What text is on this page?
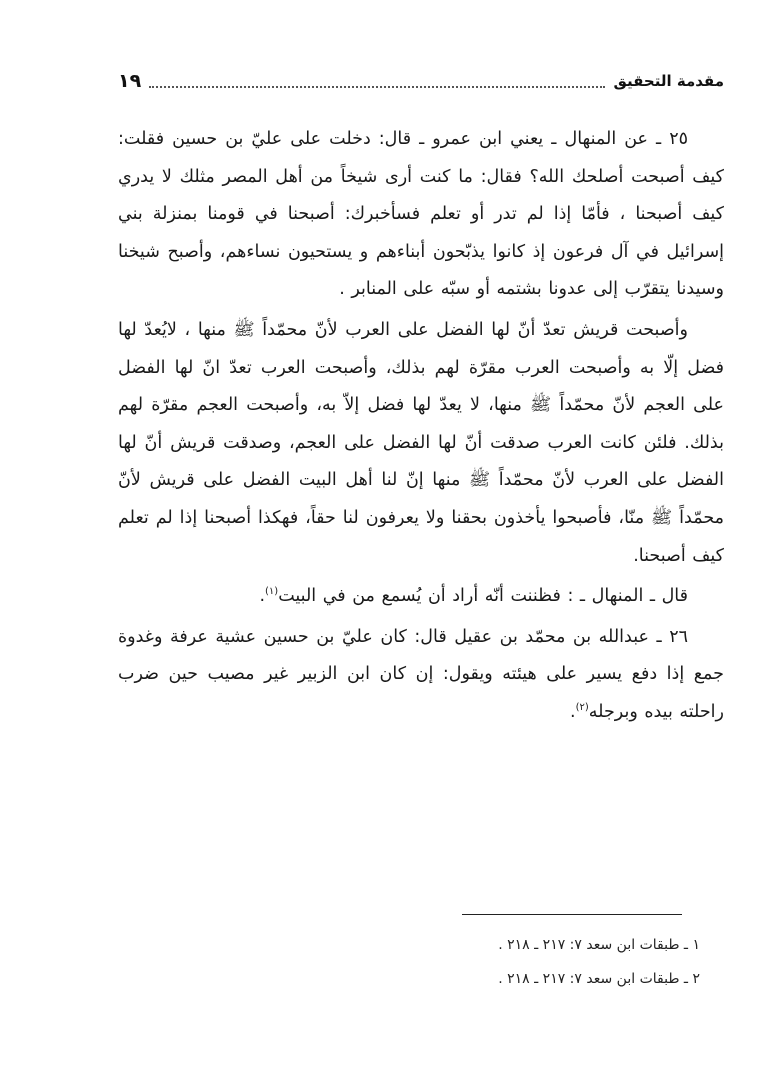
مقدمة التحقيق
١٩

٢٥ ـ عن المنهال ـ يعني ابن عمرو ـ قال: دخلت على عليّ بن حسين فقلت: كيف أصبحت أصلحك الله؟ فقال: ما كنت أرى شيخاً من أهل المصر مثلك لا يدري كيف أصبحنا ، فأمّا إذا لم تدر أو تعلم فسأخبرك: أصبحنا في قومنا بمنزلة بني إسرائيل في آل فرعون إذ كانوا يذبّحون أبناءهم و يستحيون نساءهم، وأصبح شيخنا وسيدنا يتقرّب إلى عدونا بشتمه أو سبّه على المنابر .

وأصبحت قريش تعدّ أنّ لها الفضل على العرب لأنّ محمّداً ﷺ منها ، لايُعدّ لها فضل إلّا به وأصبحت العرب مقرّة لهم بذلك، وأصبحت العرب تعدّ انّ لها الفضل على العجم لأنّ محمّداً ﷺ منها، لا يعدّ لها فضل إلاّ به، وأصبحت العجم مقرّة لهم بذلك. فلئن كانت العرب صدقت أنّ لها الفضل على العجم، وصدقت قريش أنّ لها الفضل على العرب لأنّ محمّداً ﷺ منها إنّ لنا أهل البيت الفضل على قريش لأنّ محمّداً ﷺ منّا، فأصبحوا يأخذون بحقنا ولا يعرفون لنا حقاً، فهكذا أصبحنا إذا لم تعلم كيف أصبحنا.

قال ـ المنهال ـ : فظننت أنّه أراد أن يُسمع من في البيت$^{(١)}$.

٢٦ ـ عبدالله بن محمّد بن عقيل قال: كان عليّ بن حسين عشية عرفة وغدوة جمع إذا دفع يسير على هيئته ويقول: إن كان ابن الزبير غير مصيب حين ضرب راحلته بيده وبرجله$^{(٢)}$.

١ ـ طبقات ابن سعد ٧: ٢١٧ ـ ٢١٨ .

٢ ـ طبقات ابن سعد ٧: ٢١٧ ـ ٢١٨ .
